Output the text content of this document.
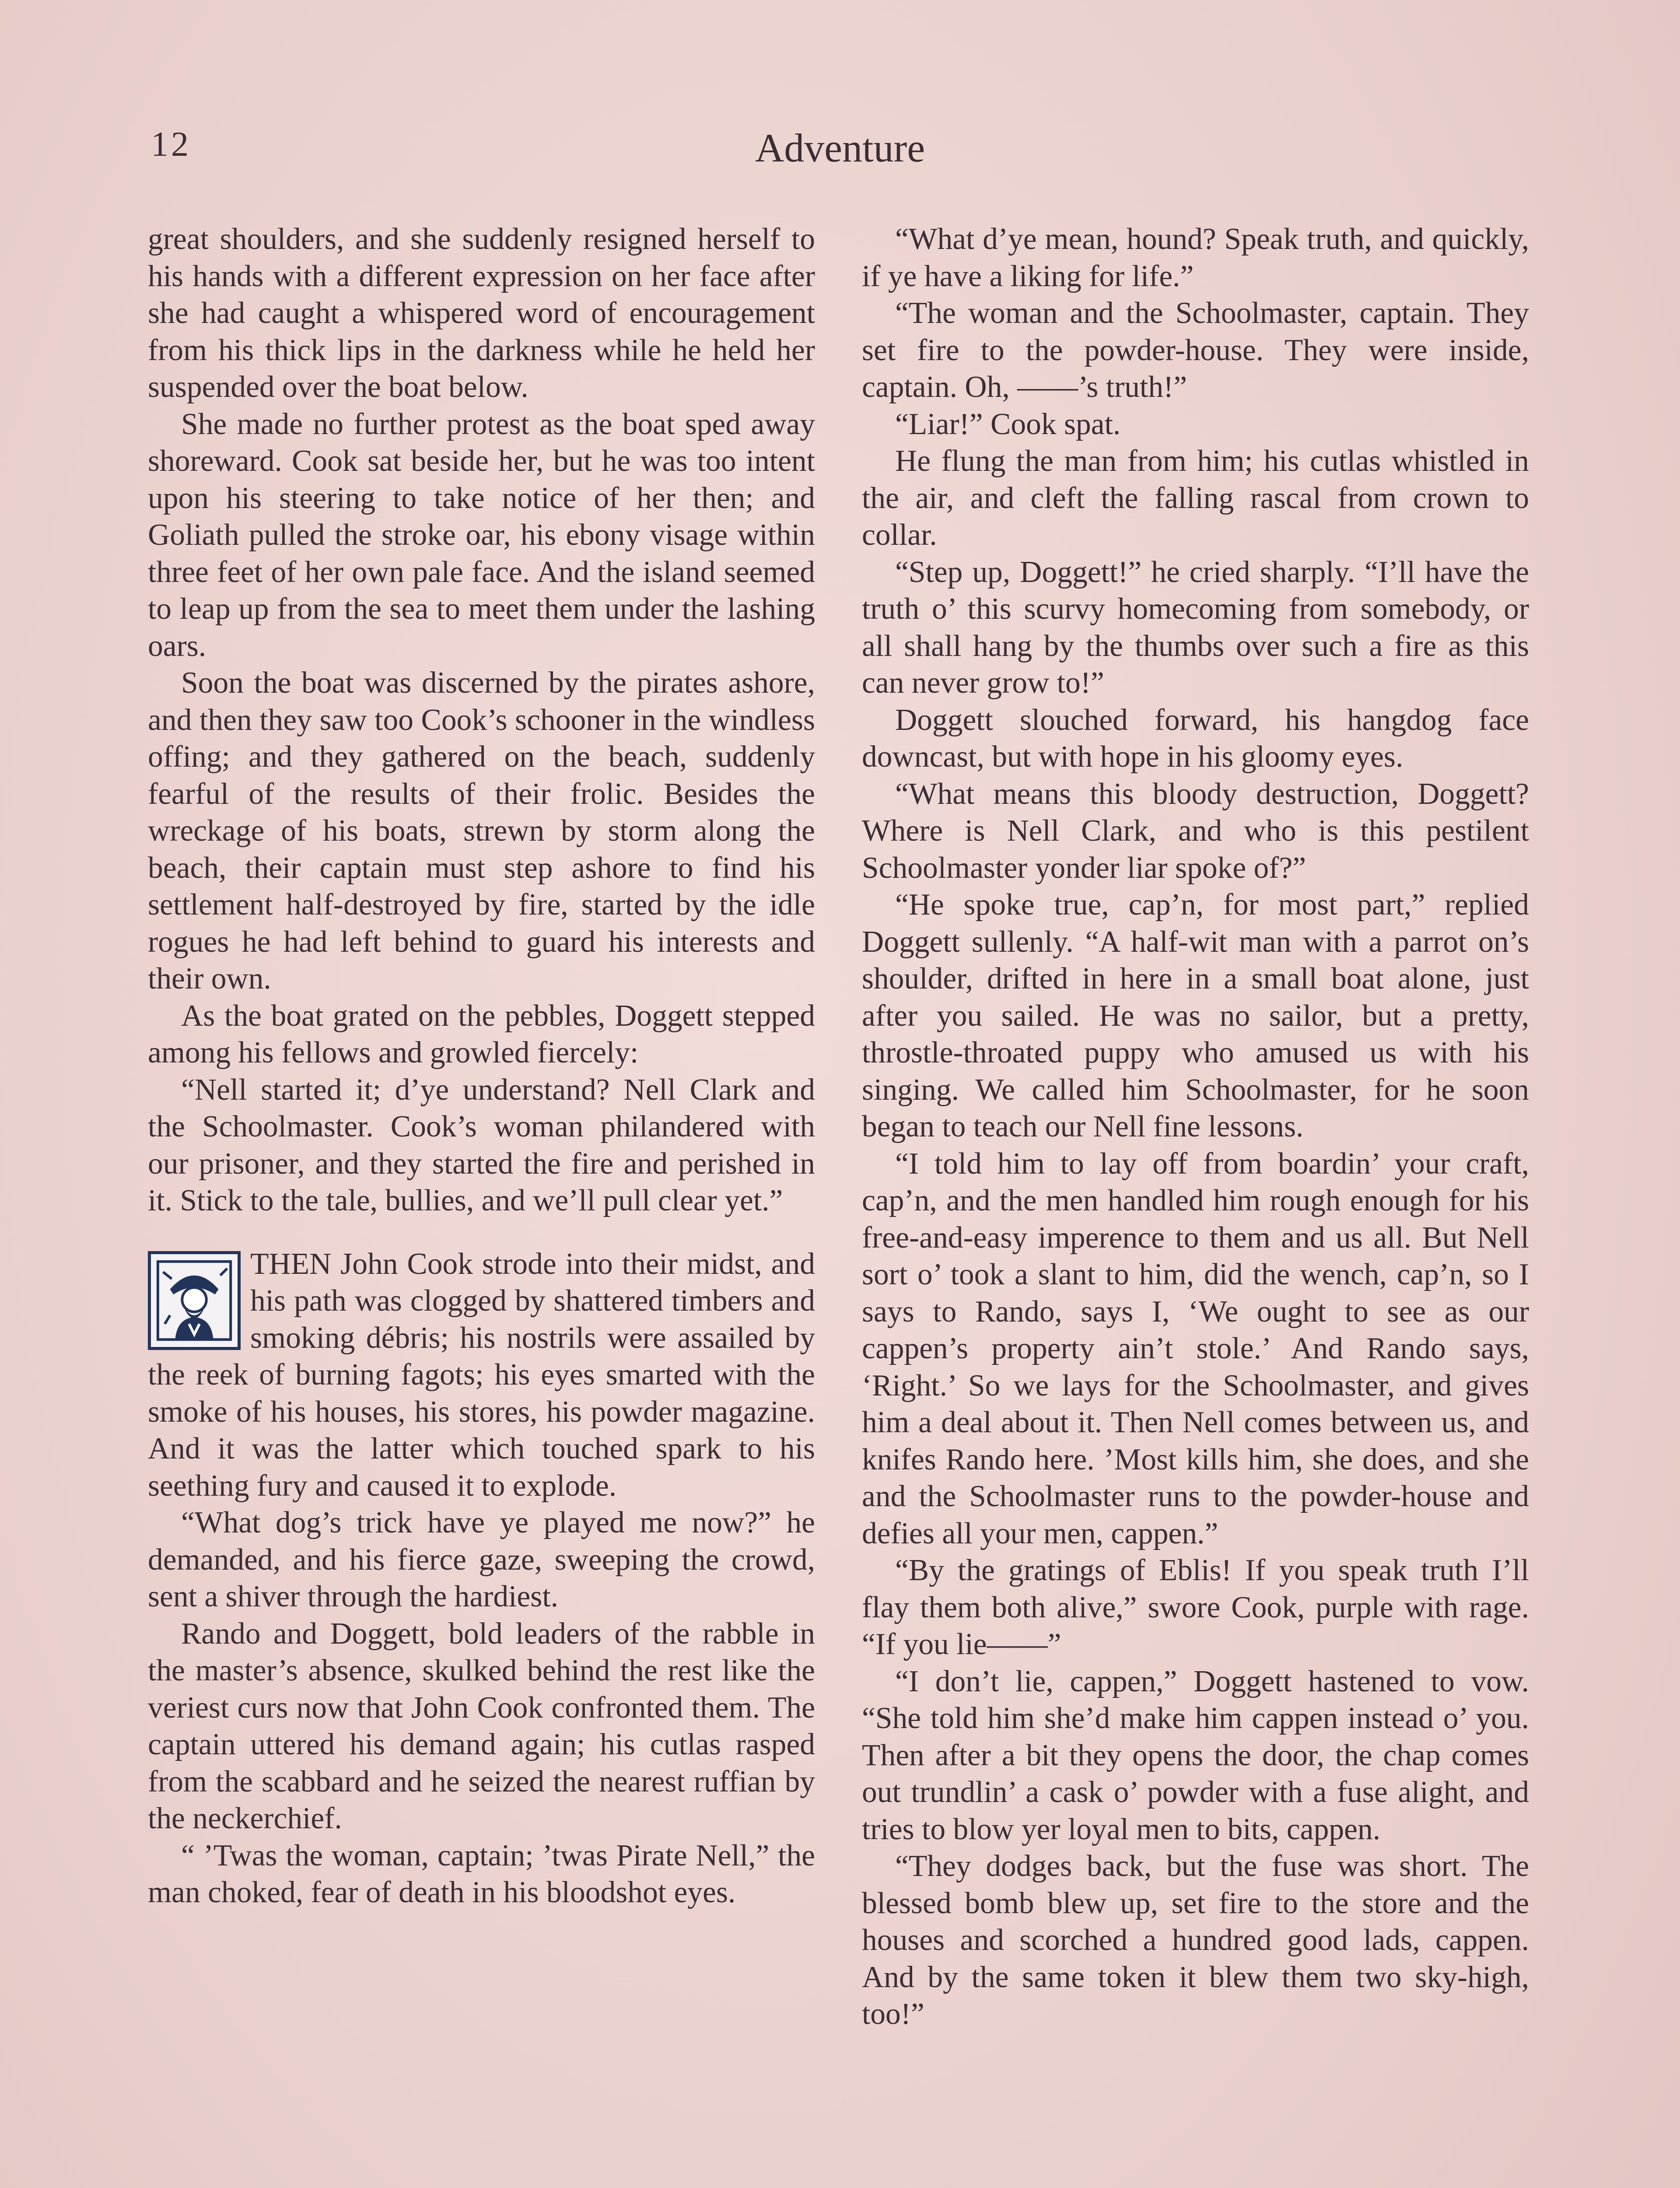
12	Adventure

great shoulders, and she suddenly resigned herself to his hands with a different expression on her face after she had caught a whispered word of encouragement from his thick lips in the darkness while he held her suspended over the boat below.

She made no further protest as the boat sped away shoreward. Cook sat beside her, but he was too intent upon his steering to take notice of her then; and Goliath pulled the stroke oar, his ebony visage within three feet of her own pale face. And the island seemed to leap up from the sea to meet them under the lashing oars.

Soon the boat was discerned by the pirates ashore, and then they saw too Cook’s schooner in the windless offing; and they gathered on the beach, suddenly fearful of the results of their frolic. Besides the wreckage of his boats, strewn by storm along the beach, their captain must step ashore to find his settlement half-destroyed by fire, started by the idle rogues he had left behind to guard his interests and their own.

As the boat grated on the pebbles, Doggett stepped among his fellows and growled fiercely:

“Nell started it; d’ye understand? Nell Clark and the Schoolmaster. Cook’s woman philandered with our prisoner, and they started the fire and perished in it. Stick to the tale, bullies, and we’ll pull clear yet.”

THEN John Cook strode into their midst, and his path was clogged by shattered timbers and smoking débris; his nostrils were assailed by the reek of burning fagots; his eyes smarted with the smoke of his houses, his stores, his powder magazine. And it was the latter which touched spark to his seething fury and caused it to explode.

“What dog’s trick have ye played me now?” he demanded, and his fierce gaze, sweeping the crowd, sent a shiver through the hardiest.

Rando and Doggett, bold leaders of the rabble in the master’s absence, skulked behind the rest like the veriest curs now that John Cook confronted them. The captain uttered his demand again; his cutlas rasped from the scabbard and he seized the nearest ruffian by the neckerchief.

“ ’Twas the woman, captain; ’twas Pirate Nell,” the man choked, fear of death in his bloodshot eyes.

“What d’ye mean, hound? Speak truth, and quickly, if ye have a liking for life.”

“The woman and the Schoolmaster, captain. They set fire to the powder-house. They were inside, captain. Oh, ——’s truth!”

“Liar!” Cook spat.

He flung the man from him; his cutlas whistled in the air, and cleft the falling rascal from crown to collar.

“Step up, Doggett!” he cried sharply. “I’ll have the truth o’ this scurvy homecoming from somebody, or all shall hang by the thumbs over such a fire as this can never grow to!”

Doggett slouched forward, his hangdog face downcast, but with hope in his gloomy eyes.

“What means this bloody destruction, Doggett? Where is Nell Clark, and who is this pestilent Schoolmaster yonder liar spoke of?”

“He spoke true, cap’n, for most part,” replied Doggett sullenly. “A half-wit man with a parrot on’s shoulder, drifted in here in a small boat alone, just after you sailed. He was no sailor, but a pretty, throstle-throated puppy who amused us with his singing. We called him Schoolmaster, for he soon began to teach our Nell fine lessons.

“I told him to lay off from boardin’ your craft, cap’n, and the men handled him rough enough for his free-and-easy imperence to them and us all. But Nell sort o’ took a slant to him, did the wench, cap’n, so I says to Rando, says I, ‘We ought to see as our cappen’s property ain’t stole.’ And Rando says, ‘Right.’ So we lays for the Schoolmaster, and gives him a deal about it. Then Nell comes between us, and knifes Rando here. ’Most kills him, she does, and she and the Schoolmaster runs to the powder-house and defies all your men, cappen.”

“By the gratings of Eblis! If you speak truth I’ll flay them both alive,” swore Cook, purple with rage. “If you lie——”

“I don’t lie, cappen,” Doggett hastened to vow. “She told him she’d make him cappen instead o’ you. Then after a bit they opens the door, the chap comes out trundlin’ a cask o’ powder with a fuse alight, and tries to blow yer loyal men to bits, cappen.

“They dodges back, but the fuse was short. The blessed bomb blew up, set fire to the store and the houses and scorched a hundred good lads, cappen. And by the same token it blew them two sky-high, too!”
